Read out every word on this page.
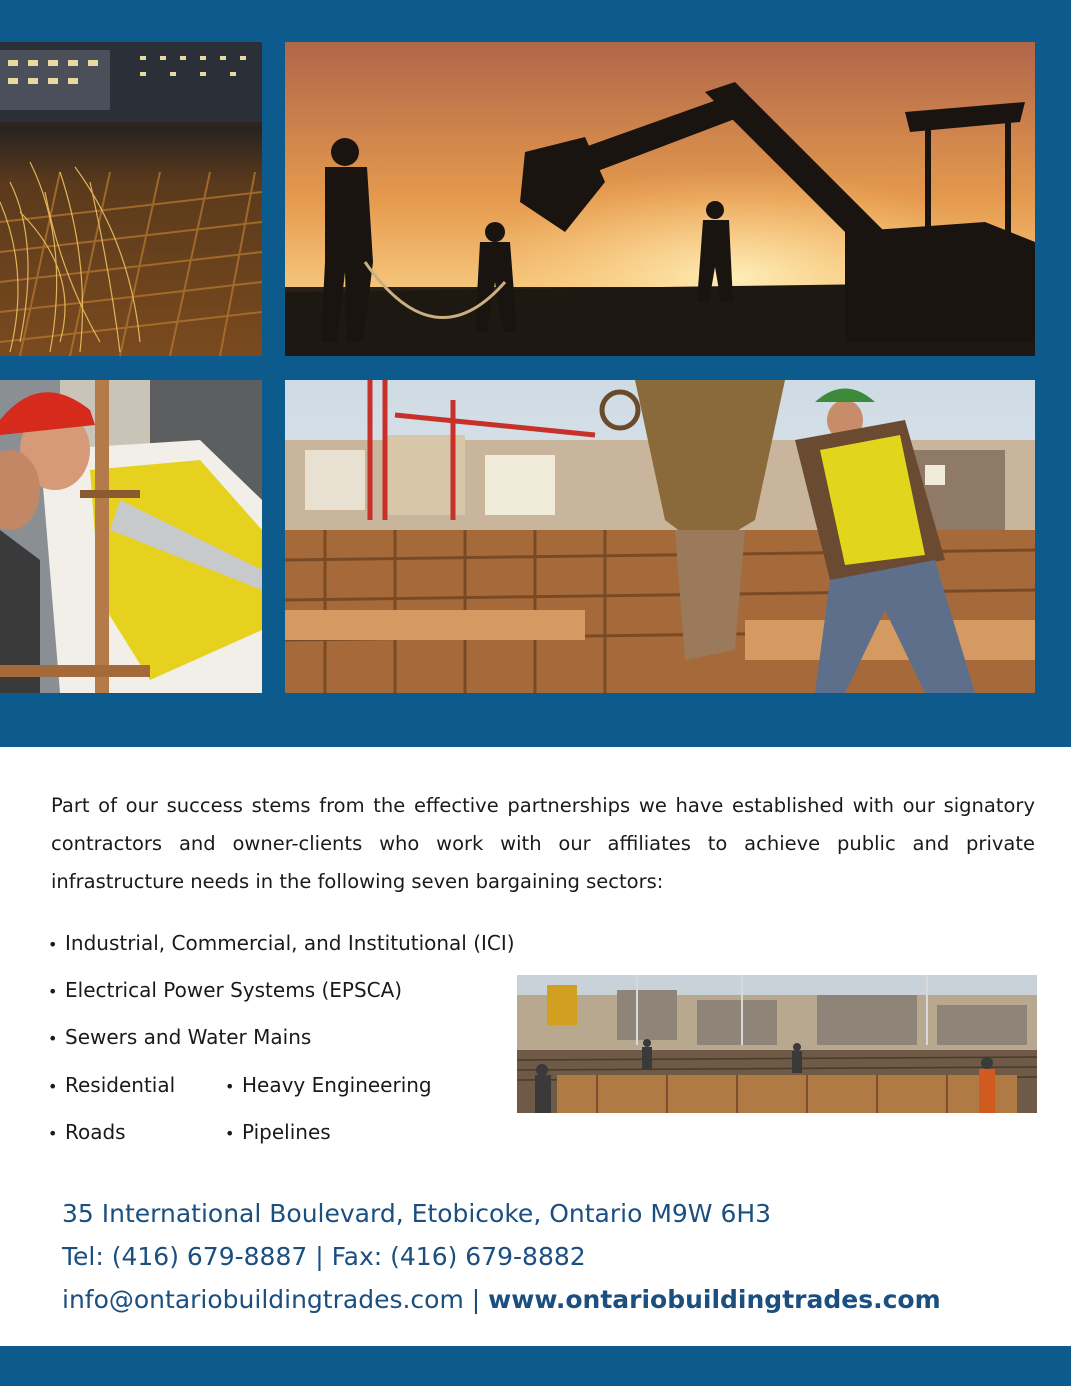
Part of our success stems from the effective partnerships we have established with our signatory contractors and owner-clients who work with our affiliates to achieve public and private infrastructure needs in the following seven bargaining sectors:

• Industrial, Commercial, and Institutional (ICI)
• Electrical Power Systems (EPSCA)
• Sewers and Water Mains
• Residential	• Heavy Engineering
• Roads	• Pipelines
35 International Boulevard, Etobicoke, Ontario M9W 6H3
Tel: (416) 679-8887 | Fax: (416) 679-8882
info@ontariobuildingtrades.com | www.ontariobuildingtrades.com
